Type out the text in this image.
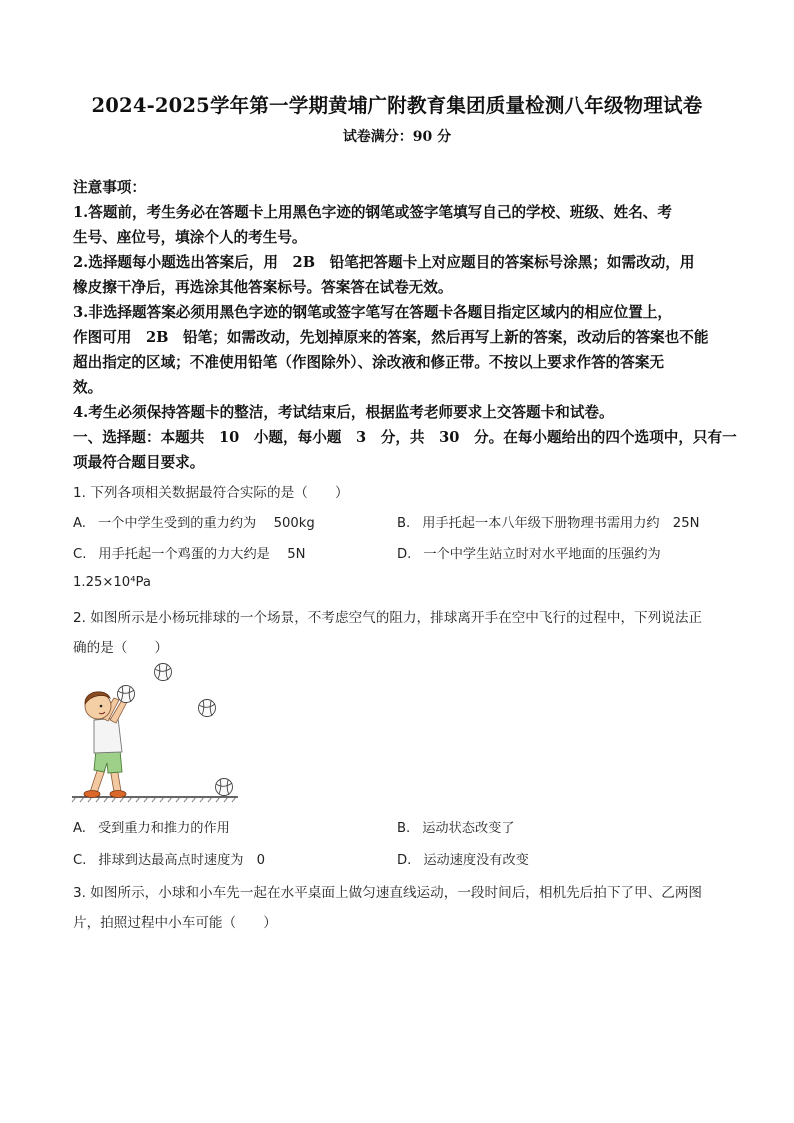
2024-2025学年第一学期黄埔广附教育集团质量检测八年级物理试卷
试卷满分：90 分
注意事项：
1.答题前，考生务必在答题卡上用黑色字迹的钢笔或签字笔填写自己的学校、班级、姓名、考
生号、座位号，填涂个人的考生号。
2.选择题每小题选出答案后，用　2B　铅笔把答题卡上对应题目的答案标号涂黑；如需改动，用
橡皮擦干净后，再选涂其他答案标号。答案答在试卷无效。
3.非选择题答案必须用黑色字迹的钢笔或签字笔写在答题卡各题目指定区域内的相应位置上，
作图可用　2B　铅笔；如需改动，先划掉原来的答案，然后再写上新的答案，改动后的答案也不能
超出指定的区域；不准使用铅笔（作图除外）、涂改液和修正带。不按以上要求作答的答案无
效。
4.考生必须保持答题卡的整洁，考试结束后，根据监考老师要求上交答题卡和试卷。
一、选择题：本题共　10　小题，每小题　3　分，共　30　分。在每小题给出的四个选项中，只有一
项最符合题目要求。
1. 下列各项相关数据最符合实际的是（　　）
A. 一个中学生受到的重力约为　 500kg	B. 用手托起一本八年级下册物理书需用力约　25N
C. 用手托起一个鸡蛋的力大约是　 5N	D. 一个中学生站立时对水平地面的压强约为
1.25×10⁴Pa
2. 如图所示是小杨玩排球的一个场景，不考虑空气的阻力，排球离开手在空中飞行的过程中，下列说法正
确的是（　　）
A. 受到重力和推力的作用	B. 运动状态改变了
C. 排球到达最高点时速度为　0	D. 运动速度没有改变
3. 如图所示，小球和小车先一起在水平桌面上做匀速直线运动，一段时间后，相机先后拍下了甲、乙两图
片，拍照过程中小车可能（　　）
